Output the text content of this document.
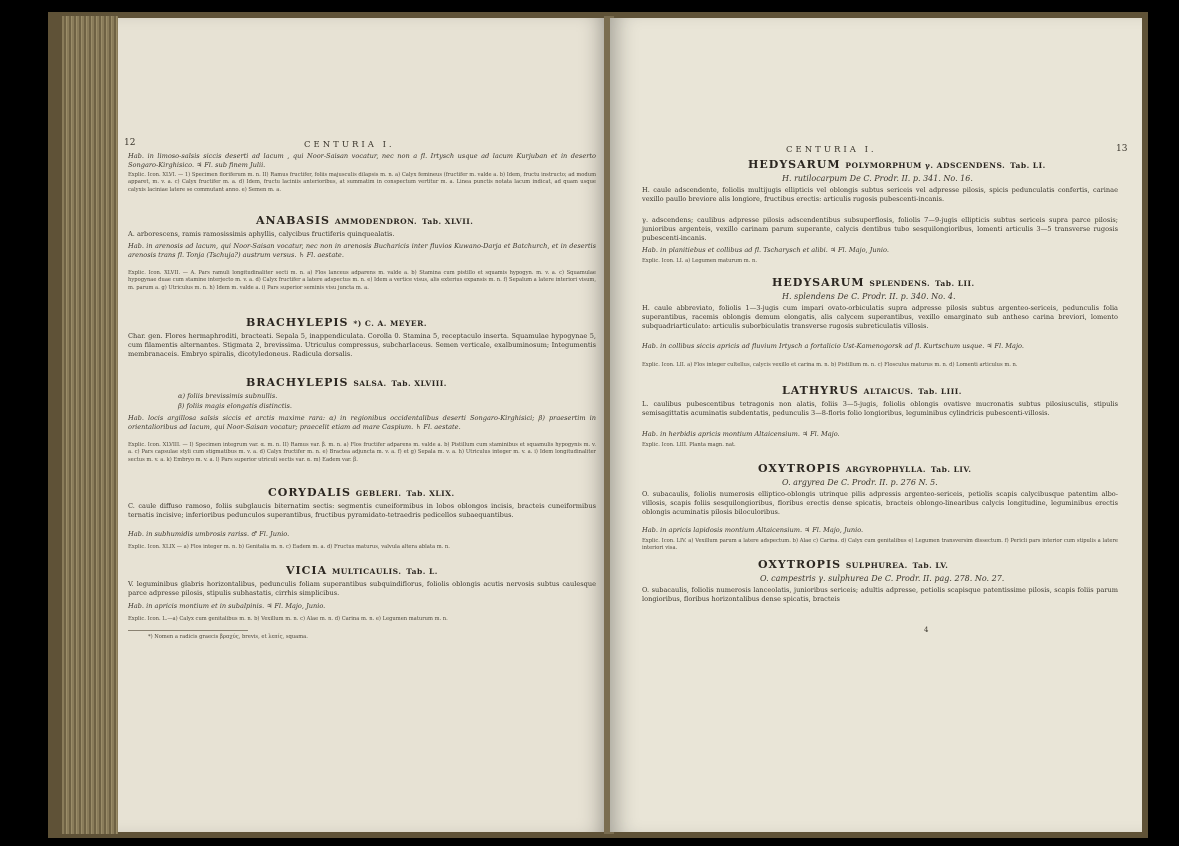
12	CENTURIA I.
Hab. in limoso-salsis siccis deserti ad lacum , qui Noor-Saisan vocatur, nec non a fl. Irtysch usque ad lacum Kurjuban et in deserto Songaro-Kirghisico. ♃ Fl. sub finem Julii.
Explic. Icon. XLVI. — 1) Specimen floriferum m. n. II) Ramus fructifer, foliis majusculis dilapsis m. n. a) Calyx femineus (fructifer m. valde a. b) Idem, fructu instructo; ad modum apparet, m. v. a. c) Calyx fructifer m. a. d) Idem, fructu laciniis anterioribus, at summatim in conspectum vertitur m. a. Linea punctis notata lacum indicat, ad quam usque calyxis laciniae latere se commutant anno. e) Semen m. a.
ANABASIS AMMODENDRON. Tab. XLVII.
A. arborescens, ramis ramosissimis aphyllis, calycibus fructiferis quinquealatis.
Hab. in arenosis ad lacum, qui Noor-Saisan vocatur, nec non in arenosis Bucharicis inter fluvios Kuwano-Darja et Batchurch, et in desertis arenosis trans fl. Tonja (Tschuja?) austrum versus. ♄ Fl. aestate.
Explic. Icon. XLVII. — A. Pars ramuli longitudinaliter secti m. n. a) Flos lanceus adparens m. valde a. b) Stamina cum pistillo et squamis hypogyn. m. v. a. c) Squamulae hypogynae duae cum stamine interjecto m. v. a. d) Calyx fructifer a latere adspectus m. n. e) Idem a vertice visus, alis exterius expansis m. n. f) Sepalum a latere interiori visum, m. parum a. g) Utriculus m. n. h) Idem m. valde a. i) Pars superior seminis visu juncta m. a.
BRACHYLEPIS *) C. A. MEYER.
Char. gen. Flores hermaphroditi, bracteati. Sepala 5, inappendiculata. Corolla 0. Stamina 5, receptaculo inserta. Squamulae hypogynae 5, cum filamentis alternantes. Stigmata 2, brevissima. Utriculus compressus, subcharlaceus. Semen verticale, exalbuminosum; Integumentis membranaceis. Embryo spiralis, dicotyledoneus. Radicula dorsalis.
BRACHYLEPIS SALSA. Tab. XLVIII.
α) foliis brevissimis subnullis.
β) foliis magis elongatis distinctis.
Hab. locis argillosa salsis siccis et arctis maxime rara: α) in regionibus occidentalibus deserti Songaro-Kirghisici; β) praesertim in orientalioribus ad lacum, qui Noor-Saisan vocatur; praecelit etiam ad mare Caspium. ♄ Fl. aestate.
Explic. Icon. XLVIII. — I) Specimen integrum var. α. m. n. II) Ramus var. β. m. n. a) Flos fructifer adparens m. valde a. b) Pistillum cum staminibus et squamulis hypogynis m. v. a. c) Pars capsulae styli cum stigmatibus m. v. a. d) Calyx fructifer m. n. e) Bractea adjuncta m. v. a. f) et g) Sepala m. v. a. h) Utriculus integer m. v. a. i) Idem longitudinaliter sectus m. v. a. k) Embryo m. v. a. l) Pars superior utriculi sectis var. α. m) Eadem var. β.
CORYDALIS GEBLERI. Tab. XLIX.
C. caule diffuso ramoso, foliis subglaucis biternatim sectis: segmentis cuneiformibus in lobos oblongos incisis, bracteis cuneiformibus ternatis incisive; inferioribus pedunculos superantibus, fructibus pyramidato-tetraedris pedicellos subaequantibus.
Hab. in subhumidis umbrosis rariss. ♂ Fl. Junio.
Explic. Icon. XLIX — a) Flos integer m. n. b) Genitalia m. n. c) Eadem m. a. d) Fructus maturus, valvula altera ablata m. n.
VICIA MULTICAULIS. Tab. L.
V. leguminibus glabris horizontalibus, pedunculis foliam superantibus subquindiflorus, foliolis oblongis acutis nervosis subtus caulesque parce adpresse pilosis, stipulis subhastatis, cirrhis simplicibus.
Hab. in apricis montium et in subalpinis. ♃ Fl. Majo, Junio.
Explic. Icon. L.—a) Calyx cum genitalibus m. n. b) Vexillum m. n. c) Alae m. n. d) Carina m. n. e) Legumen maturum m. n.
*) Nomen a radicis graecis βραχύς, brevis, et λεπίς, squama.
CENTURIA I.	13
HEDYSARUM POLYMORPHUM γ. ADSCENDENS. Tab. LI.
H. rutilocarpum De C. Prodr. II. p. 341. No. 16.
H. caule adscendente, foliolis multijugis ellipticis vel oblongis subtus sericeis vel adpresse pilosis, spicis pedunculatis confertis, carinae vexillo paullo breviore alis longiore, fructibus erectis: articulis rugosis pubescenti-incanis.
γ. adscendens; caulibus adpresse pilosis adscendentibus subsuperflosis, foliolis 7—9-jugis ellipticis subtus sericeis supra parce pilosis; junioribus argenteis, vexillo carinam parum superante, calycis dentibus tubo sesquilongioribus, lomenti articulis 3—5 transverse rugosis pubescenti-incanis.
Hab. in planitiebus et collibus ad fl. Tscharysch et alibi. ♃ Fl. Majo, Junio.
Explic. Icon. LI. a) Legumen maturum m. n.
HEDYSARUM SPLENDENS. Tab. LII.
H. splendens De C. Prodr. II. p. 340. No. 4.
H. caule abbreviato, foliolis 1—3-jugis cum impari ovato-orbiculatis supra adpresse pilosis subtus argenteo-sericeis, pedunculis folia superantibus, racemis oblongis demum elongatis, alis calycem superantibus, vexillo emarginato sub antheso carina breviori, lomento subquadriarticulato: articulis suborbiculatis transverse rugosis subreticulatis villosis.
Hab. in collibus siccis apricis ad fluvium Irtysch a fortalicio Ust-Kamenogorsk ad fl. Kurtschum usque. ♃ Fl. Majo.
Explic. Icon. LII. a) Flos integer cultellus, calycis vexillo et carina m. n. b) Pistillum m. n. c) Flosculus maturus m. n. d) Lomenti articulus m. n.
LATHYRUS ALTAICUS. Tab. LIII.
L. caulibus pubescentibus tetragonis non alatis, foliis 3—5-jugis, foliolis oblongis ovatisve mucronatis subtus pilosiusculis, stipulis semisagittatis acuminatis subdentatis, pedunculis 3—8-floris folio longioribus, leguminibus cylindricis pubescenti-villosis.
Hab. in herbidis apricis montium Altaicensium. ♃ Fl. Majo.
Explic. Icon. LIII. Planta magn. nat.
OXYTROPIS ARGYROPHYLLA. Tab. LIV.
O. argyrea De C. Prodr. II. p. 276 N. 5.
O. subacaulis, foliolis numerosis elliptico-oblongis utrinque pilis adpressis argenteo-sericeis, petiolis scapis calycibusque patentim albo-villosis, scapis foliis sesquilongioribus, floribus erectis dense spicatis, bracteis oblongo-linearibus calycis longitudine, leguminibus erectis oblongis acuminatis pilosis biloculoribus.
Hab. in apricis lapidosis montium Altaicensium. ♃ Fl. Majo, Junio.
Explic. Icon. LIV. a) Vexillum parum a latere adspectum. b) Alae c) Carina. d) Calyx cum genitalibus e) Legumen transversim dissectum. f) Pericli pars interior cum stipulis a latere interiori visa.
OXYTROPIS SULPHUREA. Tab. LV.
O. campestris γ. sulphurea De C. Prodr. II. pag. 278. No. 27.
O. subacaulis, foliolis numerosis lanceolatis, junioribus sericeis; adultis adpresse, petiolis scapisque patentissime pilosis, scapis foliis parum longioribus, floribus horizontalibus dense spicatis, bracteis
4
